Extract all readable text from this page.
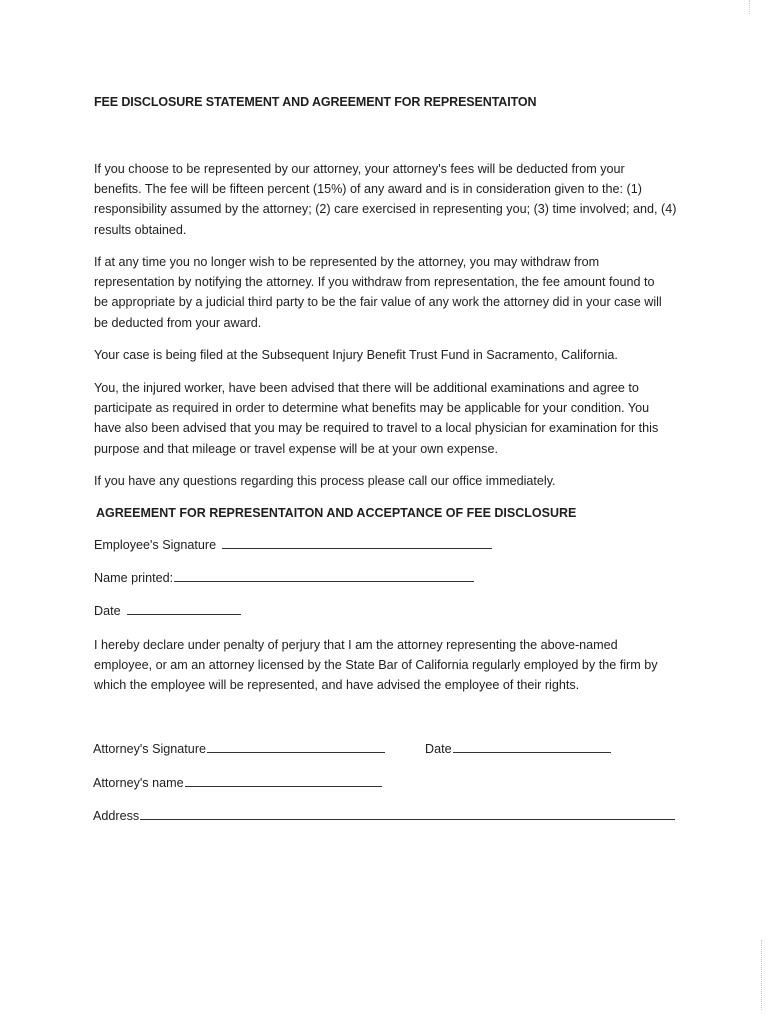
FEE DISCLOSURE STATEMENT AND AGREEMENT FOR REPRESENTAITON
If you choose to be represented by our attorney, your attorney's fees will be deducted from your
benefits. The fee will be fifteen percent (15%) of any award and is in consideration given to the: (1)
responsibility assumed by the attorney; (2) care exercised in representing you; (3) time involved; and, (4)
results obtained.
If at any time you no longer wish to be represented by the attorney, you may withdraw from
representation by notifying the attorney. If you withdraw from representation, the fee amount found to
be appropriate by a judicial third party to be the fair value of any work the attorney did in your case will
be deducted from your award.
Your case is being filed at the Subsequent Injury Benefit Trust Fund in Sacramento, California.
You, the injured worker, have been advised that there will be additional examinations and agree to
participate as required in order to determine what benefits may be applicable for your condition. You
have also been advised that you may be required to travel to a local physician for examination for this
purpose and that mileage or travel expense will be at your own expense.
If you have any questions regarding this process please call our office immediately.
AGREEMENT FOR REPRESENTAITON AND ACCEPTANCE OF FEE DISCLOSURE
Employee's Signature
Name printed:
Date
I hereby declare under penalty of perjury that I am the attorney representing the above-named
employee, or am an attorney licensed by the State Bar of California regularly employed by the firm by
which the employee will be represented, and have advised the employee of their rights.
Attorney's Signature	Date
Attorney's name
Address
